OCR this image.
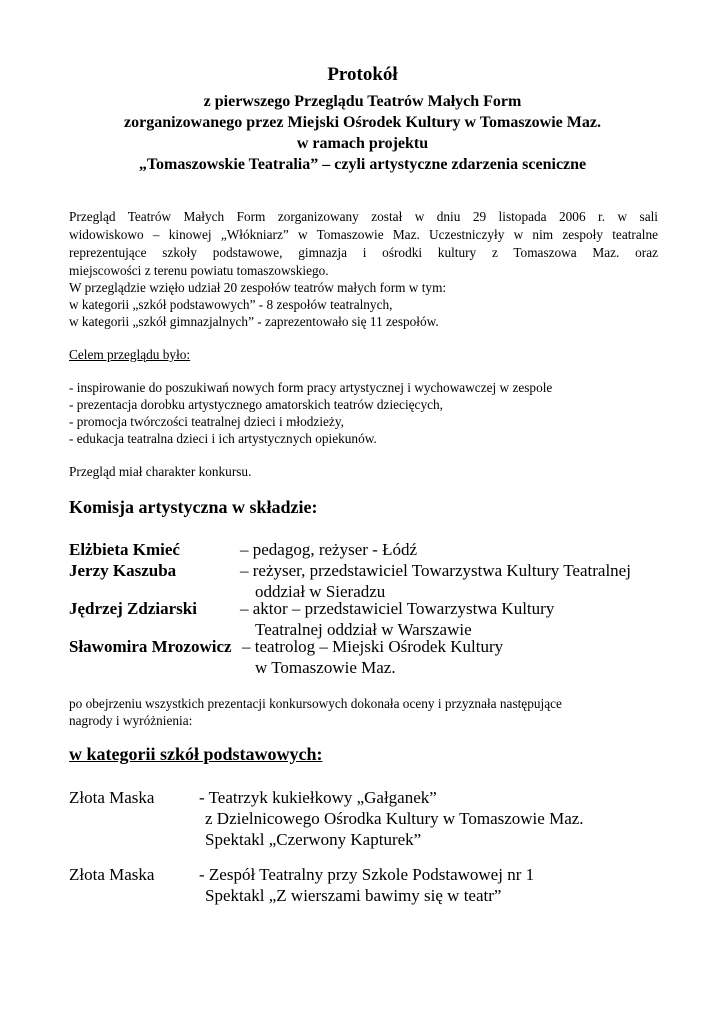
Protokół
z pierwszego Przeglądu Teatrów Małych Form
zorganizowanego przez Miejski Ośrodek Kultury w Tomaszowie Maz.
w ramach projektu
„Tomaszowskie Teatralia” – czyli artystyczne zdarzenia sceniczne
Przegląd Teatrów Małych Form zorganizowany został w dniu 29 listopada 2006 r. w sali
widowiskowo – kinowej „Włókniarz” w Tomaszowie Maz. Uczestniczyły w nim zespoły teatralne
reprezentujące szkoły podstawowe, gimnazja i ośrodki kultury z Tomaszowa Maz. oraz
miejscowości z terenu powiatu tomaszowskiego.
W przeglądzie wzięło udział 20 zespołów teatrów małych form w tym:
w kategorii „szkół podstawowych” - 8 zespołów teatralnych,
w kategorii „szkół gimnazjalnych” - zaprezentowało się 11 zespołów.
Celem przeglądu było:
- inspirowanie do poszukiwań nowych form pracy artystycznej i wychowawczej w zespole
- prezentacja dorobku artystycznego amatorskich teatrów dziecięcych,
- promocja twórczości teatralnej dzieci i młodzieży,
- edukacja teatralna dzieci i ich artystycznych opiekunów.
Przegląd miał charakter konkursu.
Komisja artystyczna w składzie:
Elżbieta Kmieć	– pedagog, reżyser - Łódź
Jerzy Kaszuba	– reżyser, przedstawiciel Towarzystwa Kultury Teatralnej
oddział w Sieradzu
Jędrzej Zdziarski	– aktor – przedstawiciel Towarzystwa Kultury
Teatralnej oddział w Warszawie
Sławomira Mrozowicz – teatrolog – Miejski Ośrodek Kultury
w Tomaszowie Maz.
po obejrzeniu wszystkich prezentacji konkursowych dokonała oceny i przyznała następujące
nagrody i wyróżnienia:
w kategorii szkół podstawowych:
Złota Maska	- Teatrzyk kukiełkowy „Gałganek”
z Dzielnicowego Ośrodka Kultury w Tomaszowie Maz.
Spektakl „Czerwony Kapturek”
Złota Maska	- Zespół Teatralny przy Szkole Podstawowej nr 1
Spektakl „Z wierszami bawimy się w teatr”
